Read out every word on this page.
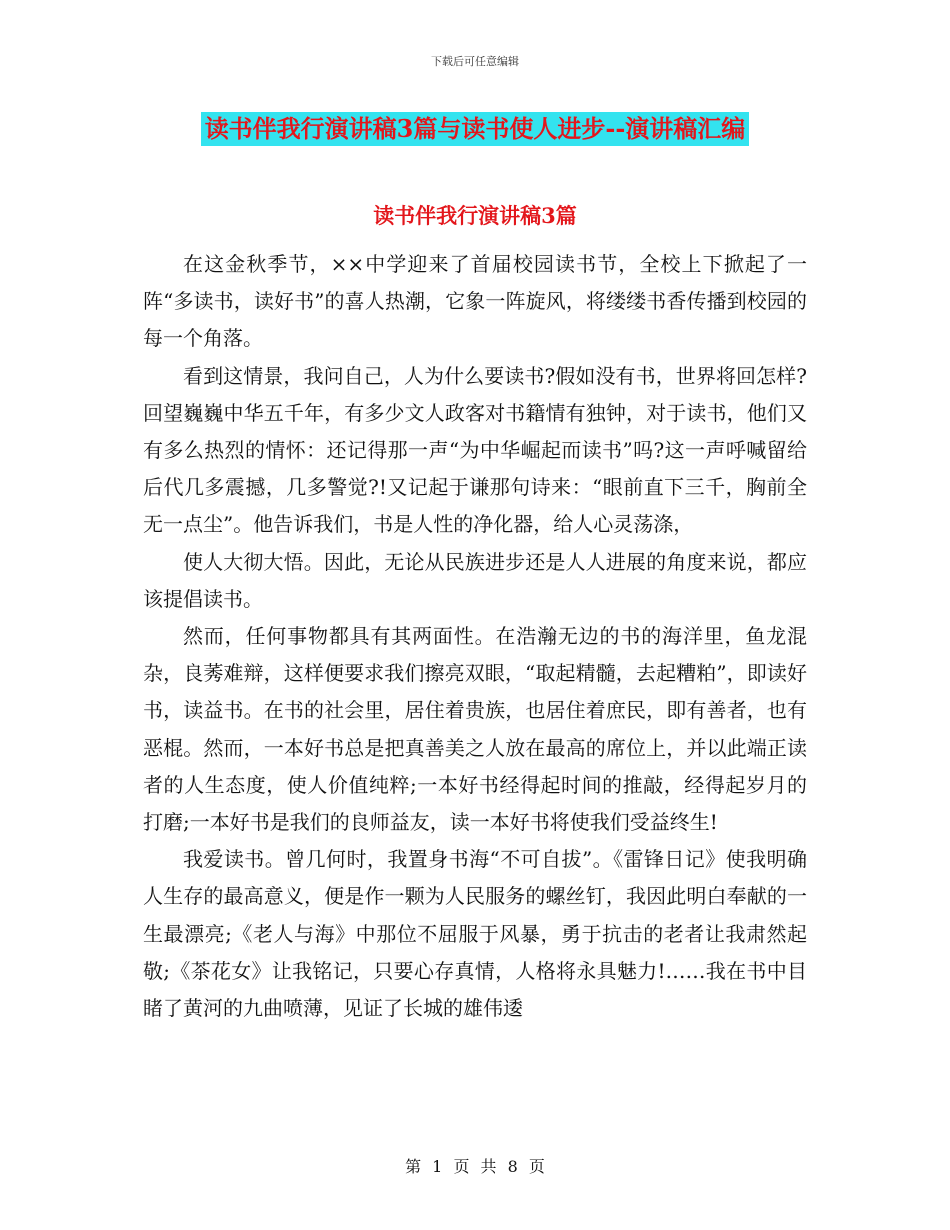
下载后可任意编辑
读书伴我行演讲稿3篇与读书使人进步--演讲稿汇编
读书伴我行演讲稿3篇

在这金秋季节，××中学迎来了首届校园读书节，全校上下掀起了一阵“多读书，读好书”的喜人热潮，它象一阵旋风，将缕缕书香传播到校园的每一个角落。

看到这情景，我问自己，人为什么要读书?假如没有书，世界将回怎样?回望巍巍中华五千年，有多少文人政客对书籍情有独钟，对于读书，他们又有多么热烈的情怀：还记得那一声“为中华崛起而读书”吗?这一声呼喊留给后代几多震撼，几多警觉?!又记起于谦那句诗来：“眼前直下三千，胸前全无一点尘”。他告诉我们，书是人性的净化器，给人心灵荡涤，

使人大彻大悟。因此，无论从民族进步还是人人进展的角度来说，都应该提倡读书。

然而，任何事物都具有其两面性。在浩瀚无边的书的海洋里，鱼龙混杂，良莠难辩，这样便要求我们擦亮双眼，“取起精髓，去起糟粕”，即读好书，读益书。在书的社会里，居住着贵族，也居住着庶民，即有善者，也有恶棍。然而，一本好书总是把真善美之人放在最高的席位上，并以此端正读者的人生态度，使人价值纯粹;一本好书经得起时间的推敲，经得起岁月的打磨;一本好书是我们的良师益友，读一本好书将使我们受益终生!

我爱读书。曾几何时，我置身书海“不可自拔”。《雷锋日记》使我明确人生存的最高意义，便是作一颗为人民服务的螺丝钉，我因此明白奉献的一生最漂亮;《老人与海》中那位不屈服于风暴，勇于抗击的老者让我肃然起敬;《茶花女》让我铭记，只要心存真情，人格将永具魅力!……我在书中目睹了黄河的九曲喷薄，见证了长城的雄伟逶

第 1 页 共 8 页
